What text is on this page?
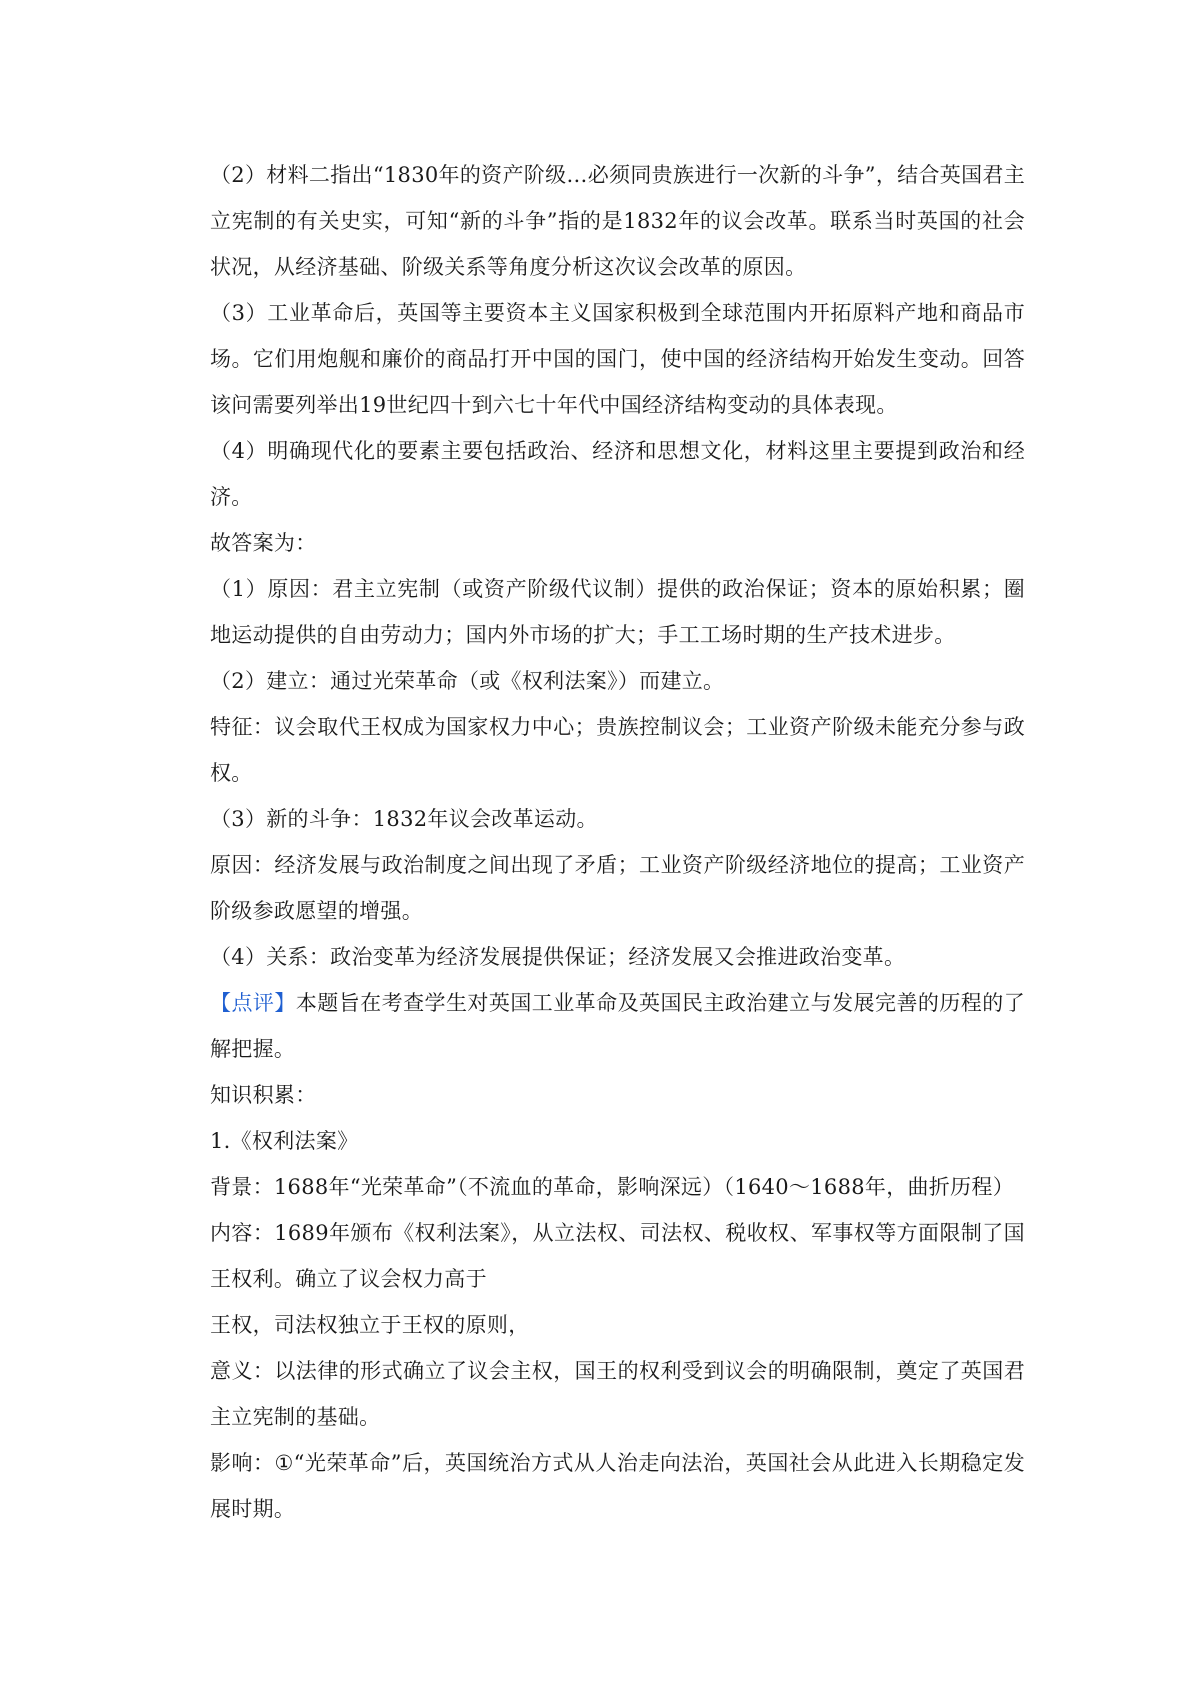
（2）材料二指出“1830年的资产阶级…必须同贵族进行一次新的斗争”，结合英国君主立宪制的有关史实，可知“新的斗争”指的是1832年的议会改革。联系当时英国的社会状况，从经济基础、阶级关系等角度分析这次议会改革的原因。

（3）工业革命后，英国等主要资本主义国家积极到全球范围内开拓原料产地和商品市场。它们用炮舰和廉价的商品打开中国的国门，使中国的经济结构开始发生变动。回答该问需要列举出19世纪四十到六七十年代中国经济结构变动的具体表现。

（4）明确现代化的要素主要包括政治、经济和思想文化，材料这里主要提到政治和经济。

故答案为：

（1）原因：君主立宪制（或资产阶级代议制）提供的政治保证；资本的原始积累；圈地运动提供的自由劳动力；国内外市场的扩大；手工工场时期的生产技术进步。

（2）建立：通过光荣革命（或《权利法案》）而建立。

特征：议会取代王权成为国家权力中心；贵族控制议会；工业资产阶级未能充分参与政权。

（3）新的斗争：1832年议会改革运动。

原因：经济发展与政治制度之间出现了矛盾；工业资产阶级经济地位的提高；工业资产阶级参政愿望的增强。

（4）关系：政治变革为经济发展提供保证；经济发展又会推进政治变革。

【点评】本题旨在考查学生对英国工业革命及英国民主政治建立与发展完善的历程的了解把握。

知识积累：

1.《权利法案》

背景：1688年“光荣革命”（不流血的革命，影响深远）（1640～1688年，曲折历程）

内容：1689年颁布《权利法案》，从立法权、司法权、税收权、军事权等方面限制了国王权利。确立了议会权力高于

王权，司法权独立于王权的原则，

意义：以法律的形式确立了议会主权，国王的权利受到议会的明确限制，奠定了英国君主立宪制的基础。

影响：①“光荣革命”后，英国统治方式从人治走向法治，英国社会从此进入长期稳定发展时期。
